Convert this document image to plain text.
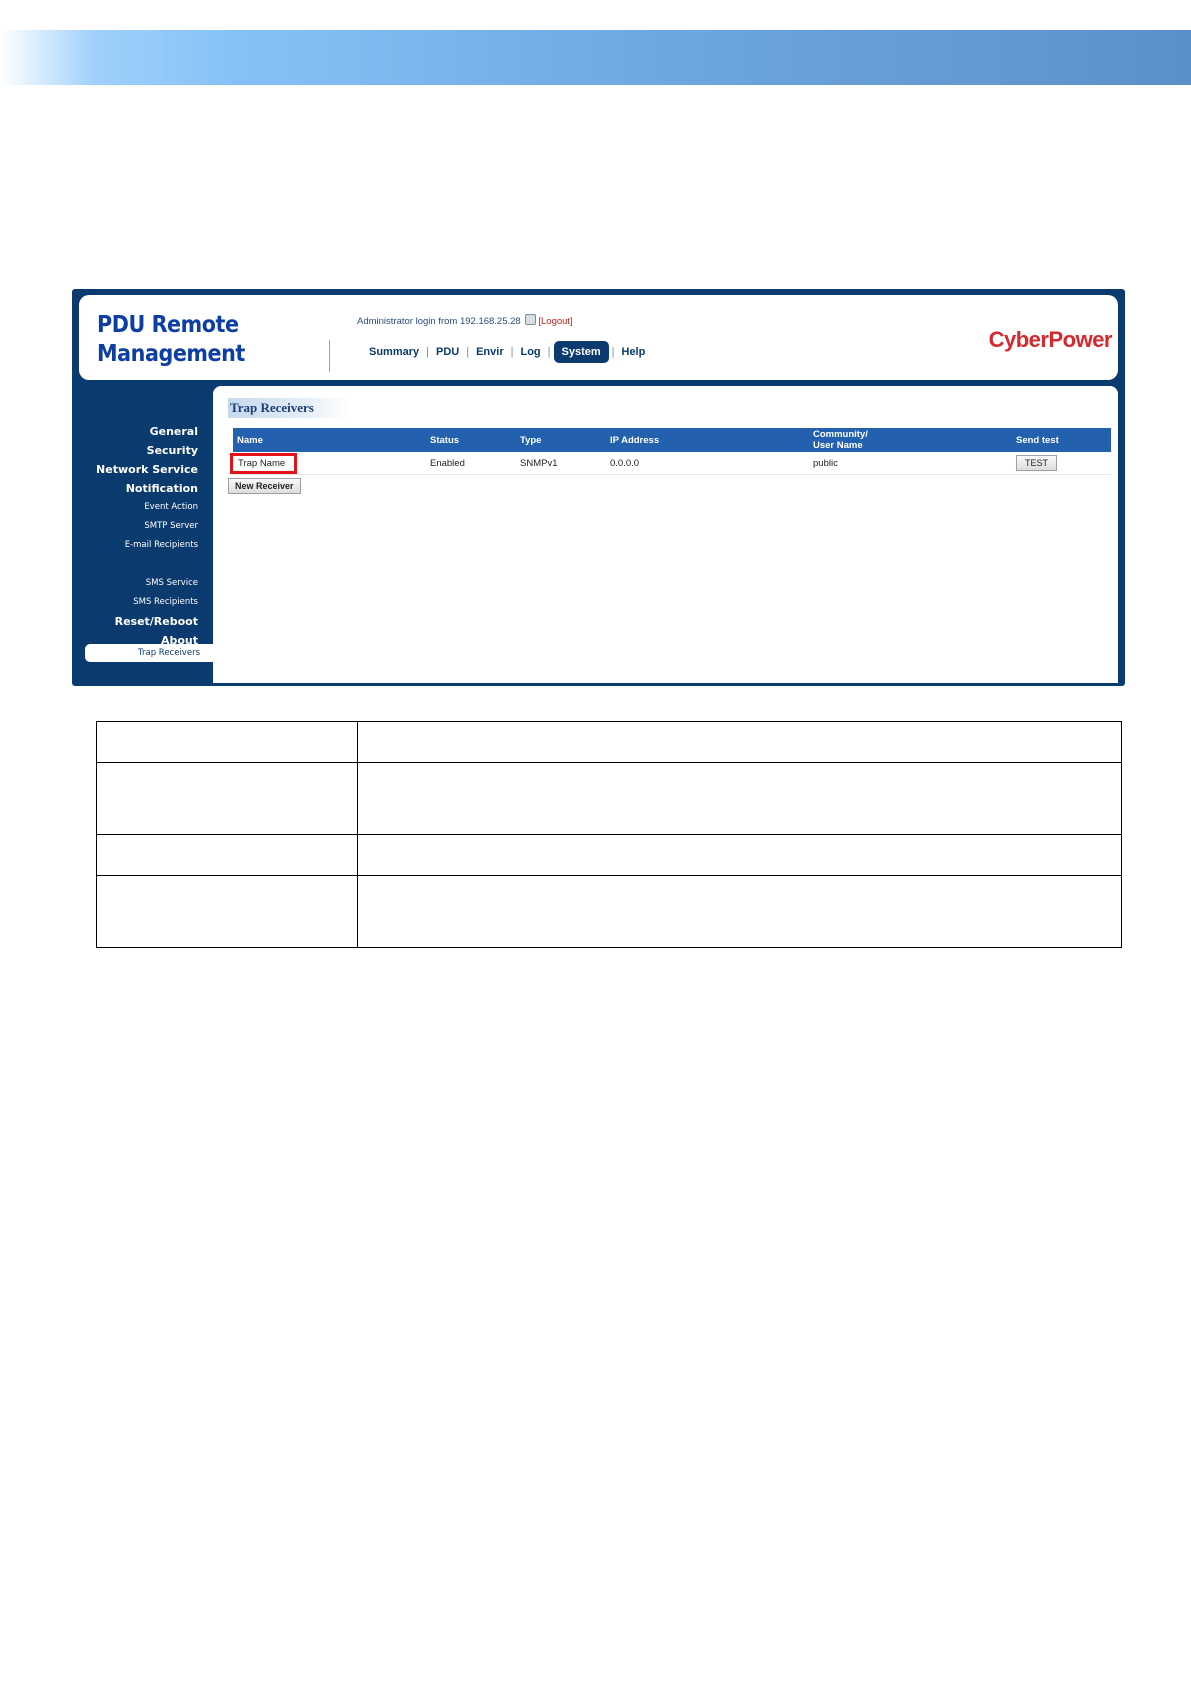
PDU Remote
Management
Administrator login from 192.168.25.28 [Logout]
Summary | PDU | Envir | Log |	System	| Help	CyberPower
General
Security
Network Service
Notification
Event Action
SMTP Server
E-mail Recipients
Trap Receivers
SMS Service
SMS Recipients
Reset/Reboot
About
Trap Receivers
Name	Status	Type	IP Address	Community/
User Name	Send test
Trap Name	Enabled	SNMPv1	0.0.0.0	public	TEST
New Receiver
